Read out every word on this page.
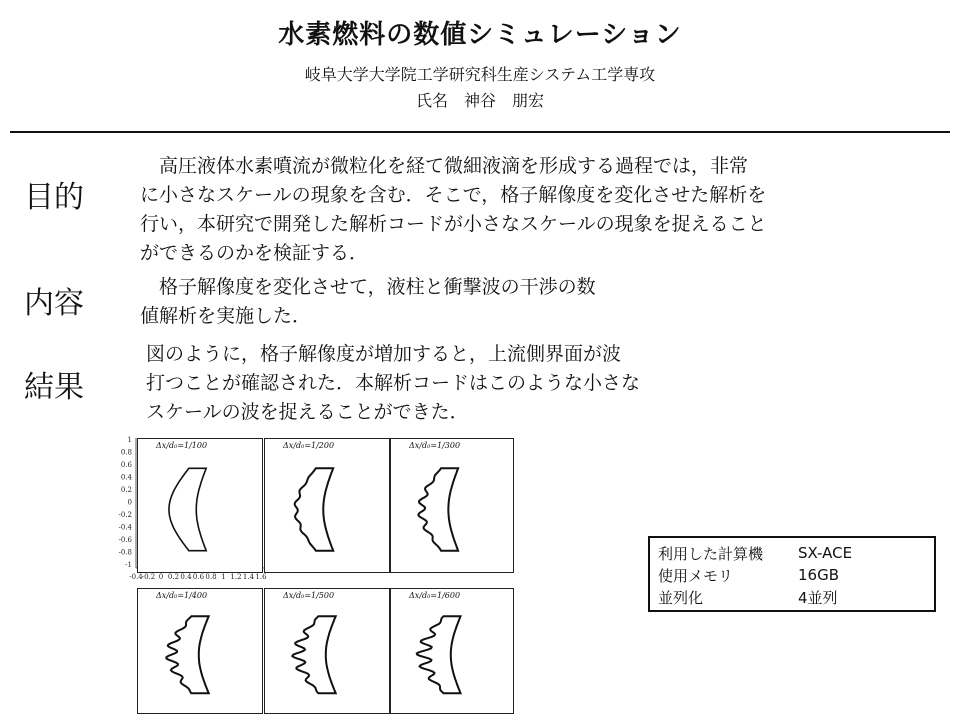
水素燃料の数値シミュレーション
岐阜大学大学院工学研究科生産システム工学専攻
氏名　神谷　朋宏
目的
　高圧液体水素噴流が微粒化を経て微細液滴を形成する過程では，非常
に小さなスケールの現象を含む．そこで，格子解像度を変化させた解析を
行い，本研究で開発した解析コードが小さなスケールの現象を捉えること
ができるのかを検証する．
内容	　格子解像度を変化させて，液柱と衝撃波の干渉の数
値解析を実施した．
結果
図のように，格子解像度が増加すると，上流側界面が波
打つことが確認された．本解析コードはこのような小さな
スケールの波を捉えることができた．
1
0.8
0.6
0.4
0.2
0
-0.2
-0.4
-0.6
-0.8
-1
-0.4 -0.2 0 0.2 0.4 0.6 0.8 1 1.2 1.4 1.6
Δx/d₀=1/100	Δx/d₀=1/200	Δx/d₀=1/300
Δx/d₀=1/400	Δx/d₀=1/500	Δx/d₀=1/600
利用した計算機	SX-ACE
使用メモリ	16GB
並列化	4並列
